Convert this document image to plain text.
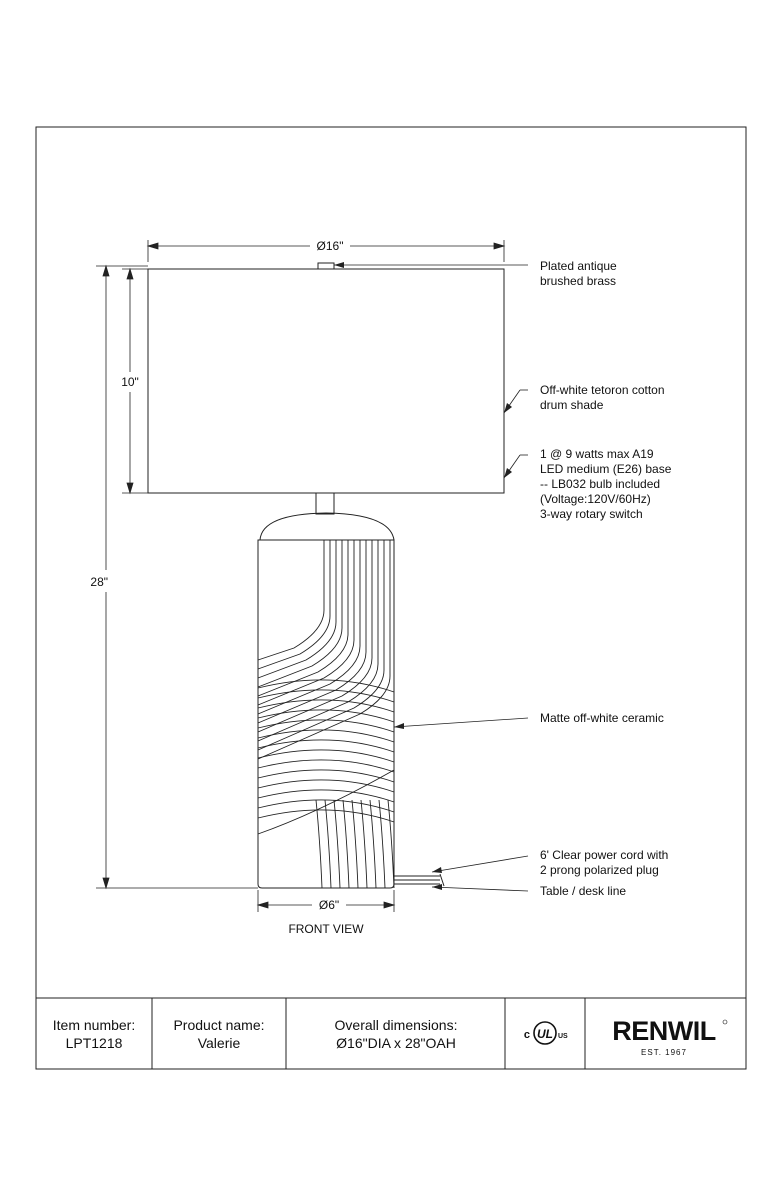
Ø16"
28"
10"
Ø6"
FRONT VIEW
Plated antique
brushed brass
Off-white tetoron cotton
drum shade
1 @ 9 watts max A19
LED medium (E26) base
-- LB032 bulb included
(Voltage:120V/60Hz)
3-way rotary switch
Matte off-white ceramic
6' Clear power cord with
2 prong polarized plug
Table / desk line
Item number:
LPT1218
Product name:
Valerie
Overall dimensions:
Ø16"DIA x 28"OAH
UL
c	US RENWIL
EST. 1967
